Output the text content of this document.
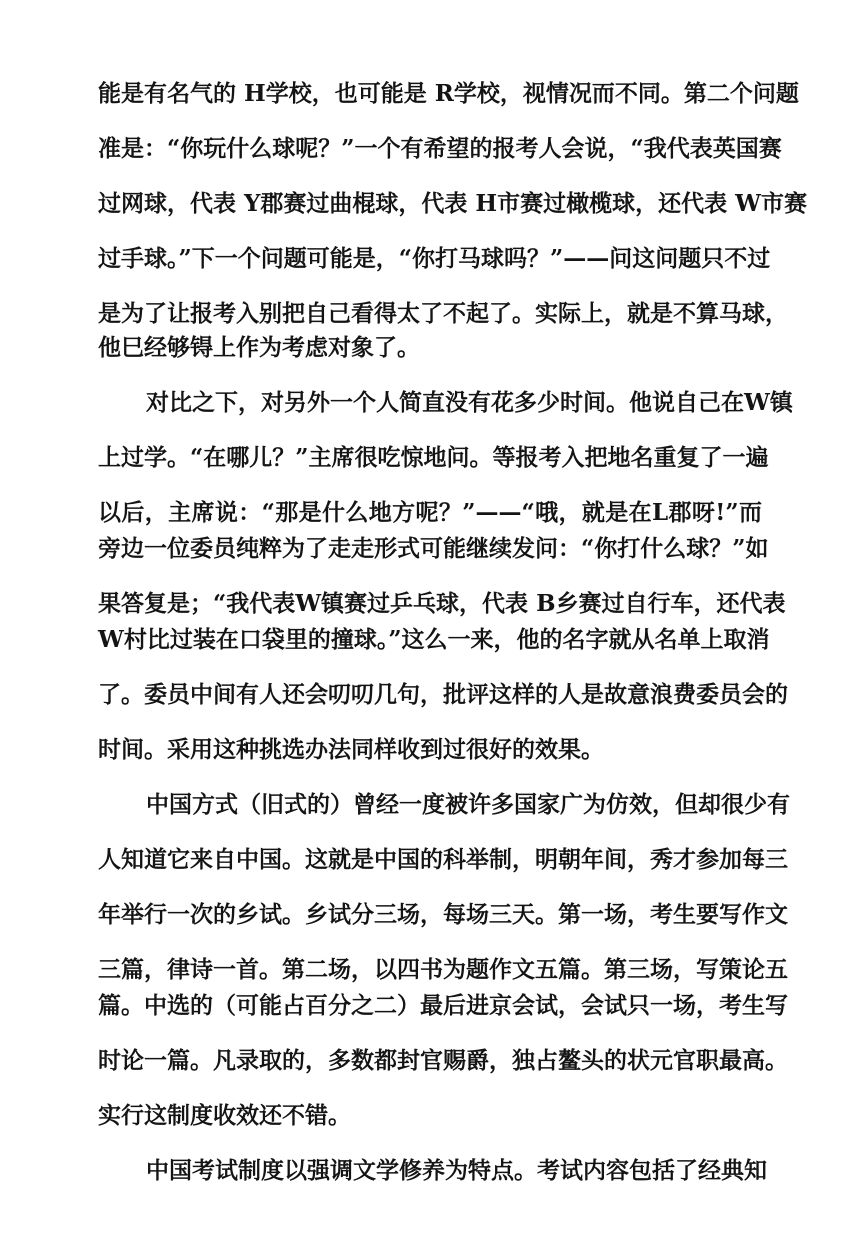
能是有名气的 H学校，也可能是 R学校，视情况而不同。第二个问题
准是：“你玩什么球呢？”一个有希望的报考人会说，“我代表英国赛
过网球，代表 Y郡赛过曲棍球，代表 H市赛过橄榄球，还代表 W市赛
过手球。”下一个问题可能是，“你打马球吗？”——问这问题只不过
是为了让报考入别把自己看得太了不起了。实际上，就是不算马球，
他巳经够锝上作为考虑对象了。
对比之下，对另外一个人简直没有花多少时间。他说自己在W镇
上过学。“在哪儿？”主席很吃惊地问。等报考入把地名重复了一遍
以后，主席说：“那是什么地方呢？”——“哦，就是在L郡呀!”而
旁边一位委员纯粹为了走走形式可能继续发问：“你打什么球？”如
果答复是；“我代表W镇赛过乒乓球，代表 B乡赛过自行车，还代表
W村比过装在口袋里的撞球。”这么一来，他的名字就从名单上取消
了。委员中间有人还会叨叨几句，批评这样的人是故意浪费委员会的
时间。采用这种挑选办法同样收到过很好的效果。
中国方式（旧式的）曾经一度被许多国家广为仿效，但却很少有
人知道它来自中国。这就是中国的科举制，明朝年间，秀才参加每三
年举行一次的乡试。乡试分三场，每场三天。第一场，考生要写作文
三篇，律诗一首。第二场，以四书为题作文五篇。第三场，写策论五
篇。中选的（可能占百分之二）最后进京会试，会试只一场，考生写
时论一篇。凡录取的，多数都封官赐爵，独占鳌头的状元官职最高。
实行这制度收效还不错。
中国考试制度以强调文学修养为特点。考试内容包括了经典知
